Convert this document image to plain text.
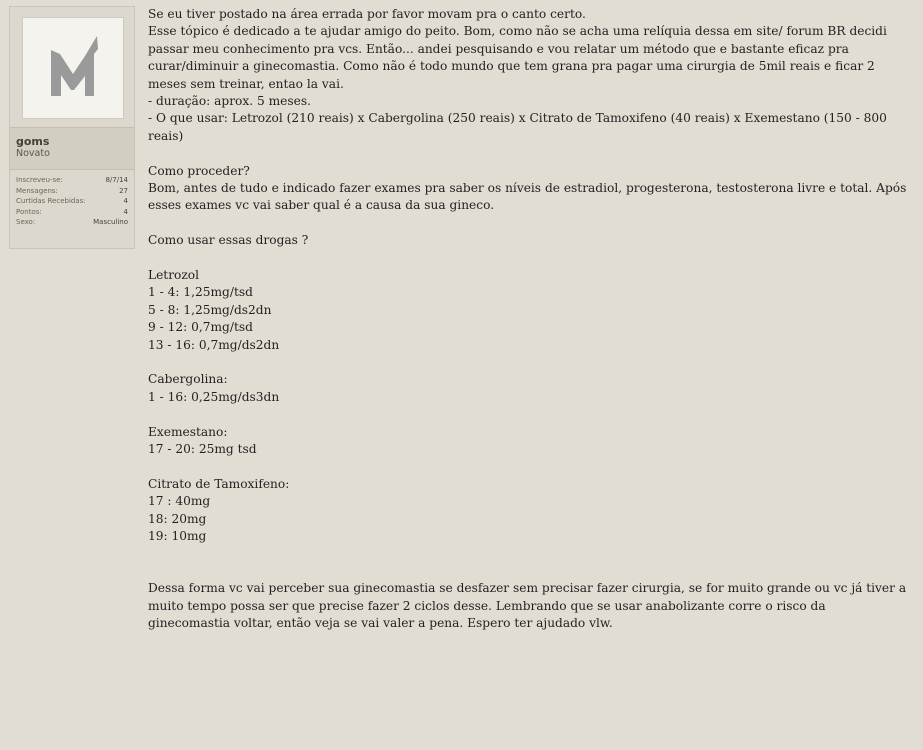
goms
Novato
Inscreveu-se:	8/7/14
Mensagens:	27
Curtidas Recebidas:	4
Pontos:	4
Sexo:	Masculino

Se eu tiver postado na área errada por favor movam pra o canto certo.

Esse tópico é dedicado a te ajudar amigo do peito. Bom, como não se acha uma relíquia dessa em site/ forum BR decidi

passar meu conhecimento pra vcs. Então... andei pesquisando e vou relatar um método que e bastante eficaz pra

curar/diminuir a ginecomastia. Como não é todo mundo que tem grana pra pagar uma cirurgia de 5mil reais e ficar 2

meses sem treinar, entao la vai.

- duração: aprox. 5 meses.

- O que usar: Letrozol (210 reais) x Cabergolina (250 reais) x Citrato de Tamoxifeno (40 reais) x Exemestano (150 - 800

reais)

Como proceder?

Bom, antes de tudo e indicado fazer exames pra saber os níveis de estradiol, progesterona, testosterona livre e total. Após

esses exames vc vai saber qual é a causa da sua gineco.

Como usar essas drogas ?

Letrozol

1 - 4: 1,25mg/tsd

5 - 8: 1,25mg/ds2dn

9 - 12: 0,7mg/tsd

13 - 16: 0,7mg/ds2dn

Cabergolina:

1 - 16: 0,25mg/ds3dn

Exemestano:

17 - 20: 25mg tsd

Citrato de Tamoxifeno:

17 : 40mg

18: 20mg

19: 10mg

Dessa forma vc vai perceber sua ginecomastia se desfazer sem precisar fazer cirurgia, se for muito grande ou vc já tiver a

muito tempo possa ser que precise fazer 2 ciclos desse. Lembrando que se usar anabolizante corre o risco da

ginecomastia voltar, então veja se vai valer a pena. Espero ter ajudado vlw.
